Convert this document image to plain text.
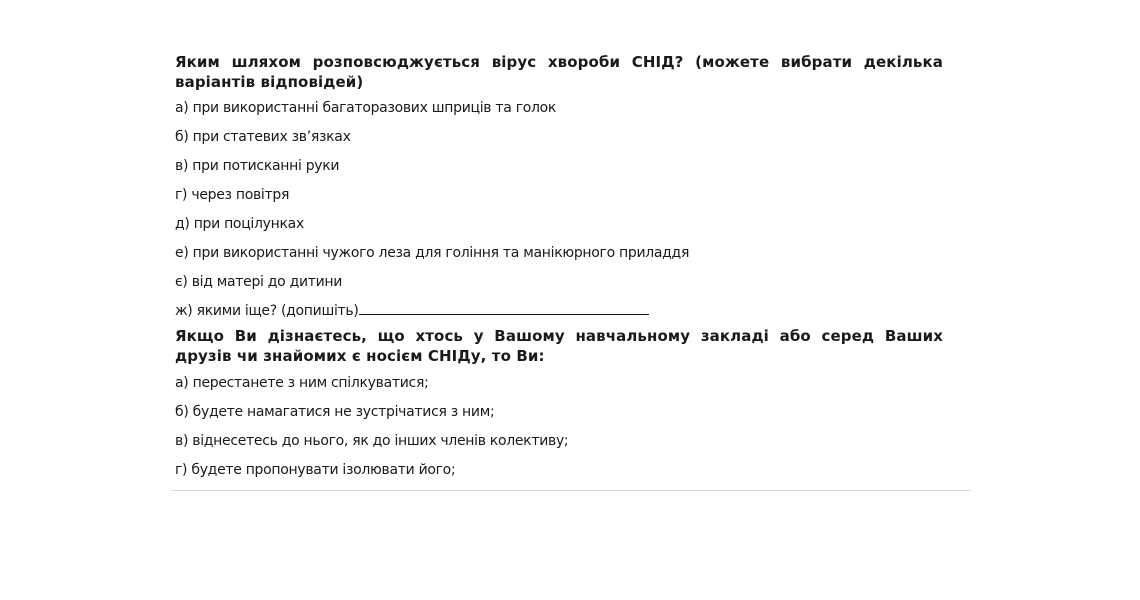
Яким шляхом розповсюджується вірус хвороби СНІД? (можете вибрати декілька варіантів відповідей)

а) при використанні багаторазових шприців та голок
б) при статевих зв’язках
в) при потисканні руки
г) через повітря
д) при поцілунках
е) при використанні чужого леза для гоління та манікюрного приладдя
є) від матері до дитини
ж) якими іще? (допишіть)

Якщо Ви дізнаєтесь, що хтось у Вашому навчальному закладі або серед Ваших друзів чи знайомих є носієм СНІДу, то Ви:

а) перестанете з ним спілкуватися;
б) будете намагатися не зустрічатися з ним;
в) віднесетесь до нього, як до інших членів колективу;
г) будете пропонувати ізолювати його;
